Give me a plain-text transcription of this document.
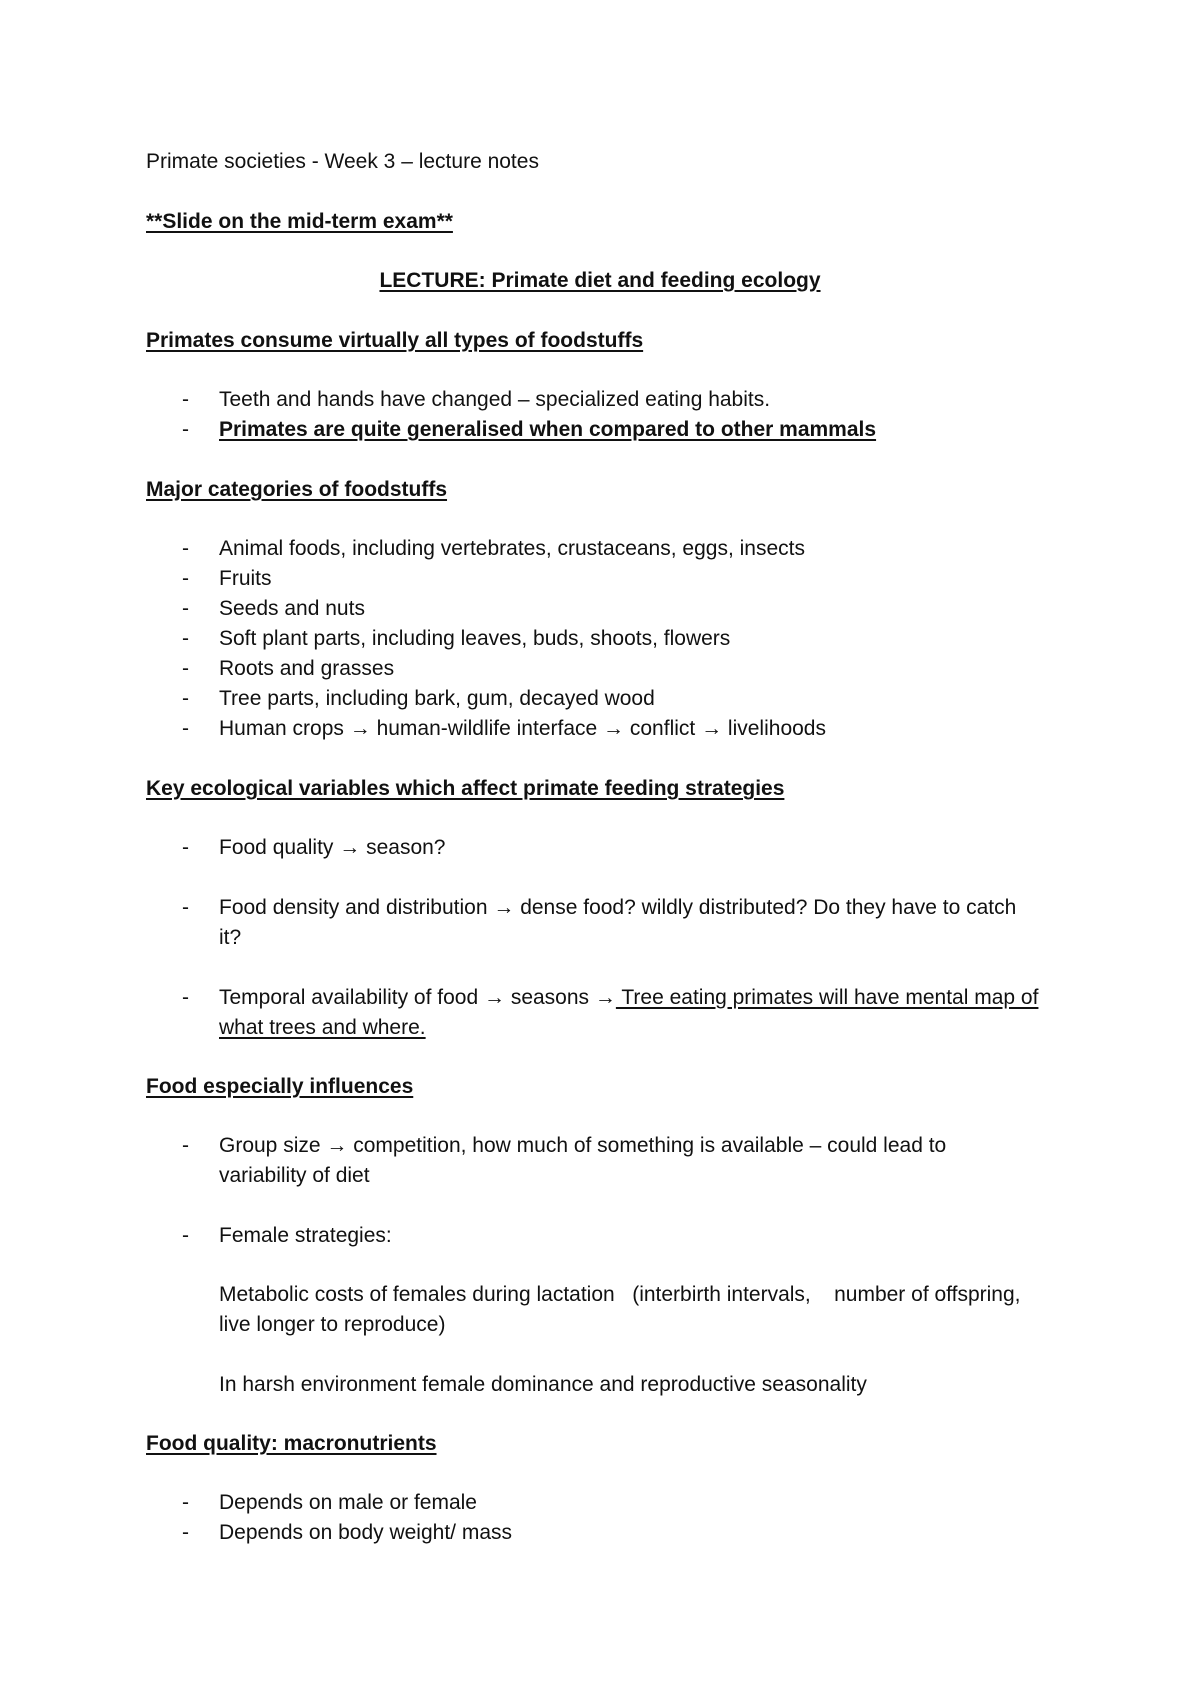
Primate societies - Week 3 – lecture notes
**Slide on the mid-term exam**
LECTURE: Primate diet and feeding ecology
Primates consume virtually all types of foodstuffs
- Teeth and hands have changed – specialized eating habits.
- Primates are quite generalised when compared to other mammals
Major categories of foodstuffs
- Animal foods, including vertebrates, crustaceans, eggs, insects
- Fruits
- Seeds and nuts
- Soft plant parts, including leaves, buds, shoots, flowers
- Roots and grasses
- Tree parts, including bark, gum, decayed wood
- Human crops → human-wildlife interface → conflict → livelihoods
Key ecological variables which affect primate feeding strategies
- Food quality → season?
- Food density and distribution → dense food? wildly distributed? Do they have to catch it?
- Temporal availability of food → seasons → Tree eating primates will have mental map of what trees and where.
Food especially influences
- Group size → competition, how much of something is available – could lead to variability of diet
- Female strategies:
Metabolic costs of females during lactation   (interbirth intervals,    number of offspring, live longer to reproduce)
In harsh environment female dominance and reproductive seasonality
Food quality: macronutrients
- Depends on male or female
- Depends on body weight/ mass
